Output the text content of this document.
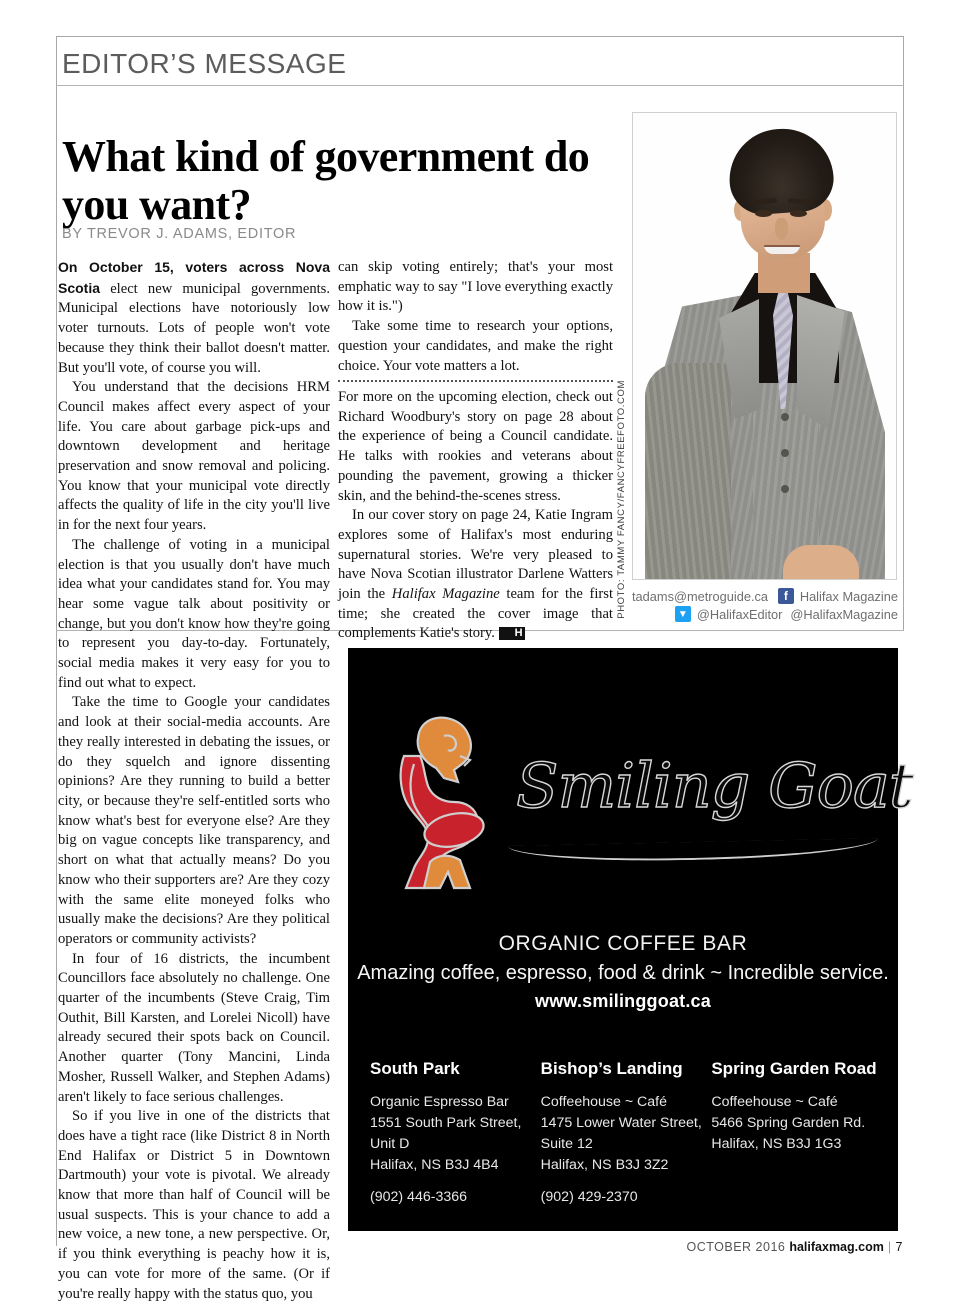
EDITOR’S MESSAGE
What kind of government do you want?
BY TREVOR J. ADAMS, EDITOR

On October 15, voters across Nova Scotia elect new municipal governments. Municipal elections have notoriously low voter turnouts. Lots of people won't vote because they think their ballot doesn't matter. But you'll vote, of course you will.

You understand that the decisions HRM Council makes affect every aspect of your life. You care about garbage pick-ups and downtown development and heritage preservation and snow removal and policing. You know that your municipal vote directly affects the quality of life in the city you'll live in for the next four years.

The challenge of voting in a municipal election is that you usually don't have much idea what your candidates stand for. You may hear some vague talk about positivity or change, but you don't know how they're going to represent you day-to-day. Fortunately, social media makes it very easy for you to find out what to expect.

Take the time to Google your candidates and look at their social-media accounts. Are they really interested in debating the issues, or do they squelch and ignore dissenting opinions? Are they running to build a better city, or because they're self-entitled sorts who know what's best for everyone else? Are they big on vague concepts like transparency, and short on what that actually means? Do you know who their supporters are? Are they cozy with the same elite moneyed folks who usually make the decisions? Are they political operators or community activists?

In four of 16 districts, the incumbent Councillors face absolutely no challenge. One quarter of the incumbents (Steve Craig, Tim Outhit, Bill Karsten, and Lorelei Nicoll) have already secured their spots back on Council. Another quarter (Tony Mancini, Linda Mosher, Russell Walker, and Stephen Adams) aren't likely to face serious challenges.

So if you live in one of the districts that does have a tight race (like District 8 in North End Halifax or District 5 in Downtown Dartmouth) your vote is pivotal. We already know that more than half of Council will be usual suspects. This is your chance to add a new voice, a new tone, a new perspective. Or, if you think everything is peachy how it is, you can vote for more of the same. (Or if you're really happy with the status quo, you

can skip voting entirely; that's your most emphatic way to say "I love everything exactly how it is.")

Take some time to research your options, question your candidates, and make the right choice. Your vote matters a lot.

For more on the upcoming election, check out Richard Woodbury's story on page 28 about the experience of being a Council candidate. He talks with rookies and veterans about pounding the pavement, growing a thicker skin, and the behind-the-scenes stress.

In our cover story on page 24, Katie Ingram explores some of Halifax's most enduring supernatural stories. We're very pleased to have Nova Scotian illustrator Darlene Watters join the Halifax Magazine team for the first time; she created the cover image that complements Katie's story. H

PHOTO: TAMMY FANCY/FANCYFREEFOTO.COM tadams@metroguide.ca	f Halifax Magazine
▼ @HalifaxEditor @HalifaxMagazine
Smiling Goat
ORGANIC COFFEE BAR
Amazing coffee, espresso, food & drink ~ Incredible service.
www.smilinggoat.ca
South Park
Organic Espresso Bar
1551 South Park Street,
Unit D
Halifax, NS B3J 4B4
(902) 446-3366
Bishop’s Landing
Coffeehouse ~ Café
1475 Lower Water Street,
Suite 12
Halifax, NS B3J 3Z2
(902) 429-2370
Spring Garden Road
Coffeehouse ~ Café
5466 Spring Garden Rd.
Halifax, NS B3J 1G3
OCTOBER 2016 halifaxmag.com | 7
